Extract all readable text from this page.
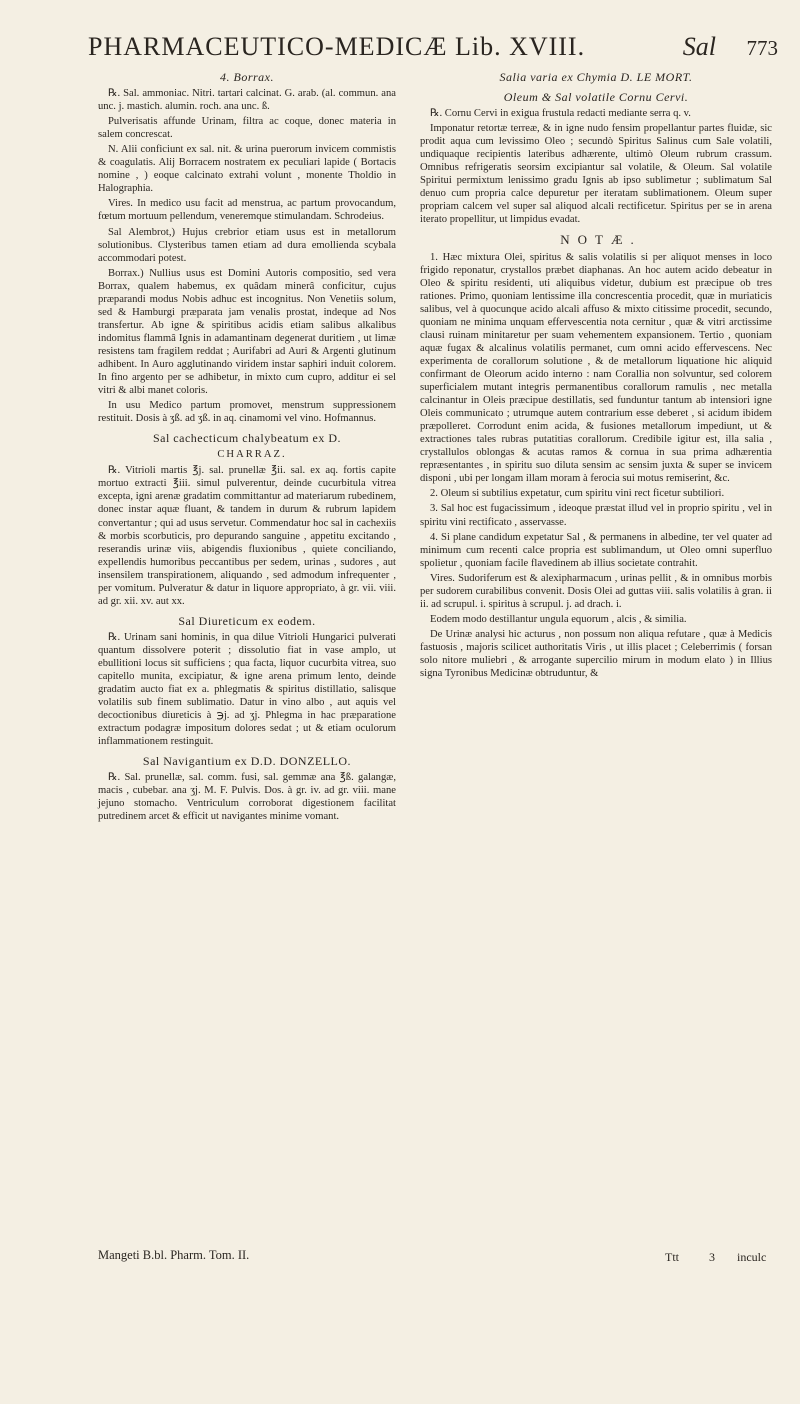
PHARMACEUTICO-MEDICÆ Lib. XVIII.	Sal 773

4. Borrax.

℞. Sal. ammoniac. Nitri. tartari calcinat. G. arab. (al. commun. ana unc. j. mastich. alumin. roch. ana unc. ß.

Pulverisatis affunde Urinam, filtra ac coque, donec materia in salem concrescat.

N. Alii conficiunt ex sal. nit. & urina puerorum invicem commistis & coagulatis. Alij Borracem nostratem ex peculiari lapide ( Bortacis nomine , ) eoque calcinato extrahi volunt , monente Tholdio in Halographia.

Vires. In medico usu facit ad menstrua, ac partum provocandum, fœtum mortuum pellendum, veneremque stimulandam. Schrodeius.

Sal Alembrot,) Hujus crebrior etiam usus est in metallorum solutionibus. Clysteribus tamen etiam ad dura emollienda scybala accommodari potest.

Borrax.) Nullius usus est Domini Autoris compositio, sed vera Borrax, qualem habemus, ex quâdam minerâ conficitur, cujus præparandi modus Nobis adhuc est incognitus. Non Venetiis solum, sed & Hamburgi præparata jam venalis prostat, indeque ad Nos transfertur. Ab igne & spiritibus acidis etiam salibus alkalibus indomitus flammâ Ignis in adamantinam degenerat duritiem , ut limæ resistens tam fragilem reddat ; Aurifabri ad Auri & Argenti glutinum adhibent. In Auro agglutinando viridem instar saphiri induit colorem. In fino argento per se adhibetur, in mixto cum cupro, additur ei sel vitri & albi manet coloris.

In usu Medico partum promovet, menstrum suppressionem restituit. Dosis à ʒß. ad ʒß. in aq. cinamomi vel vino. Hofmannus.

Sal cachecticum chalybeatum ex D.

CHARRAZ.

℞. Vitrioli martis ℥j. sal. prunellæ ℥ii. sal. ex aq. fortis capite mortuo extracti ℥iii. simul pulverentur, deinde cucurbitula vitrea excepta, igni arenæ gradatim committantur ad materiarum rubedinem, donec instar aquæ fluant, & tandem in durum & rubrum lapidem convertantur ; qui ad usus servetur. Commendatur hoc sal in cachexiis & morbis scorbuticis, pro depurando sanguine , appetitu excitando , reserandis urinæ viis, abigendis fluxionibus , quiete conciliando, expellendis humoribus peccantibus per sedem, urinas , sudores , aut insensilem transpirationem, aliquando , sed admodum infrequenter , per vomitum. Pulveratur & datur in liquore appropriato, à gr. vii. viii. ad gr. xii. xv. aut xx.

Sal Diureticum ex eodem.

℞. Urinam sani hominis, in qua dilue Vitrioli Hungarici pulverati quantum dissolvere poterit ; dissolutio fiat in vase amplo, ut ebullitioni locus sit sufficiens ; qua facta, liquor cucurbita vitrea, suo capitello munita, excipiatur, & igne arena primum lento, deinde gradatim aucto fiat ex a. phlegmatis & spiritus distillatio, salisque volatilis sub finem sublimatio. Datur in vino albo , aut aquis vel decoctionibus diureticis à ℈j. ad ʒj. Phlegma in hac præparatione extractum podagræ impositum dolores sedat ; ut & etiam oculorum inflammationem restinguit.

Sal Navigantium ex D.D. DONZELLO.

℞. Sal. prunellæ, sal. comm. fusi, sal. gemmæ ana ℥ß. galangæ, macis , cubebar. ana ʒj. M. F. Pulvis. Dos. à gr. iv. ad gr. viii. mane jejuno stomacho. Ventriculum corroborat digestionem facilitat putredinem arcet & efficit ut navigantes minime vomant.

Salia varia ex Chymia D. LE MORT.

Oleum & Sal volatile Cornu Cervi.

℞. Cornu Cervi in exigua frustula redacti mediante serra q. v.

Imponatur retortæ terreæ, & in igne nudo fensim propellantur partes fluidæ, sic prodit aqua cum levissimo Oleo ; secundò Spiritus Salinus cum Sale volatili, undiquaque recipientis lateribus adhærente, ultimò Oleum rubrum crassum. Omnibus refrigeratis seorsim excipiantur sal volatile, & Oleum. Sal volatile Spiritui permixtum lenissimo gradu Ignis ab ipso sublimetur ; sublimatum Sal denuo cum propria calce depuretur per iteratam sublimationem. Oleum super propriam calcem vel super sal aliquod alcali rectificetur. Spiritus per se in arena iterato propellitur, ut limpidus evadat.

NOTÆ.

1. Hæc mixtura Olei, spiritus & salis volatilis si per aliquot menses in loco frigido reponatur, crystallos præbet diaphanas. An hoc autem acido debeatur in Oleo & spiritu residenti, uti aliquibus videtur, dubium est præcipue ob tres rationes. Primo, quoniam lentissime illa concrescentia procedit, quæ in muriaticis salibus, vel à quocunque acido alcali affuso & mixto citissime procedit, secundo, quoniam ne minima unquam effervescentia nota cernitur , quæ & vitri arctissime clausi ruinam minitaretur per suam vehementem expansionem. Tertio , quoniam aquæ fugax & alcalinus volatilis permanet, cum omni acido effervescens. Nec experimenta de corallorum solutione , & de metallorum liquatione hic aliquid confirmant de Oleorum acido interno : nam Corallia non solvuntur, sed colorem superficialem mutant integris permanentibus corallorum ramulis , nec metalla calcinantur in Oleis præcipue destillatis, sed funduntur tantum ab intensiori igne Oleis communicato ; utrumque autem contrarium esse deberet , si acidum ibidem præpolleret. Corrodunt enim acida, & fusiones metallorum impediunt, ut & extractiones tales rubras putatitias corallorum. Credibile igitur est, illa salia , crystallulos oblongas & acutas ramos & cornua in sua prima adhærentia repræsentantes , in spiritu suo diluta sensim ac sensim juxta & super se invicem disponi , ubi per longam illam moram à ferocia sui motus remiserint, &c.

2. Oleum si subtilius expetatur, cum spiritu vini rect ficetur subtiliori.

3. Sal hoc est fugacissimum , ideoque præstat illud vel in proprio spiritu , vel in spiritu vini rectificato , asservasse.

4. Si plane candidum expetatur Sal , & permanens in albedine, ter vel quater ad minimum cum recenti calce propria est sublimandum, ut Oleo omni superfluo spolietur , quoniam facile flavedinem ab illius societate contrahit.

Vires. Sudoriferum est & alexipharmacum , urinas pellit , & in omnibus morbis per sudorem curabilibus convenit. Dosis Olei ad guttas viii. salis volatilis à gran. ii ii. ad scrupul. i. spiritus à scrupul. j. ad drach. i.

Eodem modo destillantur ungula equorum , alcis , & similia.

De Urinæ analysi hic acturus , non possum non aliqua refutare , quæ à Medicis fastuosis , majoris scilicet authoritatis Viris , ut illis placet ; Celeberrimis ( forsan solo nitore muliebri , & arrogante supercilio mirum in modum elato ) in Illius signa Tyronibus Medicinæ obtruduntur, &

Mangeti B.bl. Pharm. Tom. II.	Ttt	3 inculc
